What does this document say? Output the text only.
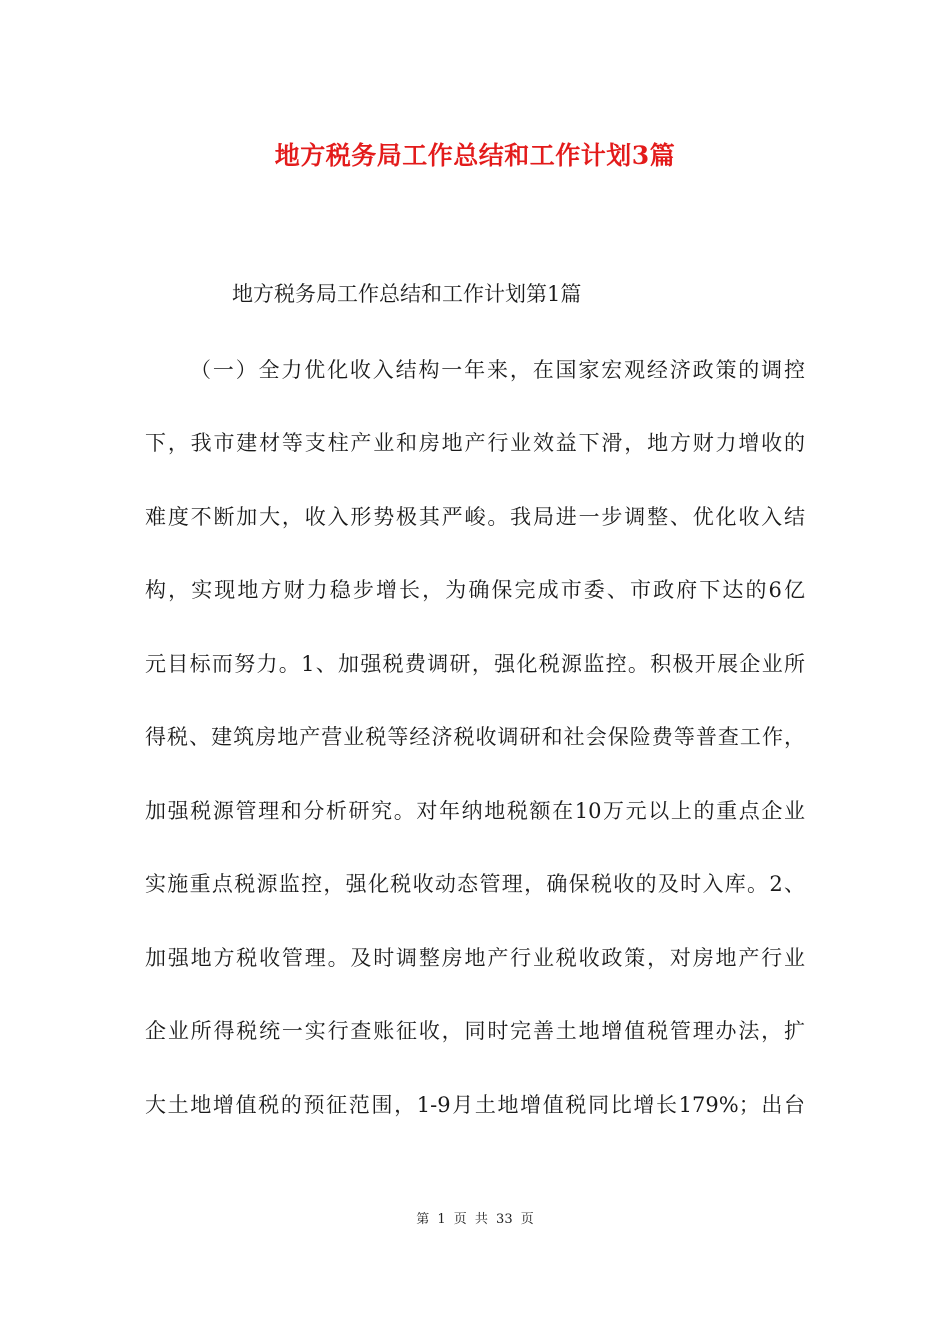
地方税务局工作总结和工作计划3篇
地方税务局工作总结和工作计划第1篇
（一）全力优化收入结构一年来，在国家宏观经济政策的调控
下，我市建材等支柱产业和房地产行业效益下滑，地方财力增收的
难度不断加大，收入形势极其严峻。我局进一步调整、优化收入结
构，实现地方财力稳步增长，为确保完成市委、市政府下达的6亿
元目标而努力。1、加强税费调研，强化税源监控。积极开展企业所
得税、建筑房地产营业税等经济税收调研和社会保险费等普查工作，
加强税源管理和分析研究。对年纳地税额在10万元以上的重点企业
实施重点税源监控，强化税收动态管理，确保税收的及时入库。2、
加强地方税收管理。及时调整房地产行业税收政策，对房地产行业
企业所得税统一实行查账征收，同时完善土地增值税管理办法，扩
大土地增值税的预征范围，1-9月土地增值税同比增长179%；出台
第 1 页 共 33 页
